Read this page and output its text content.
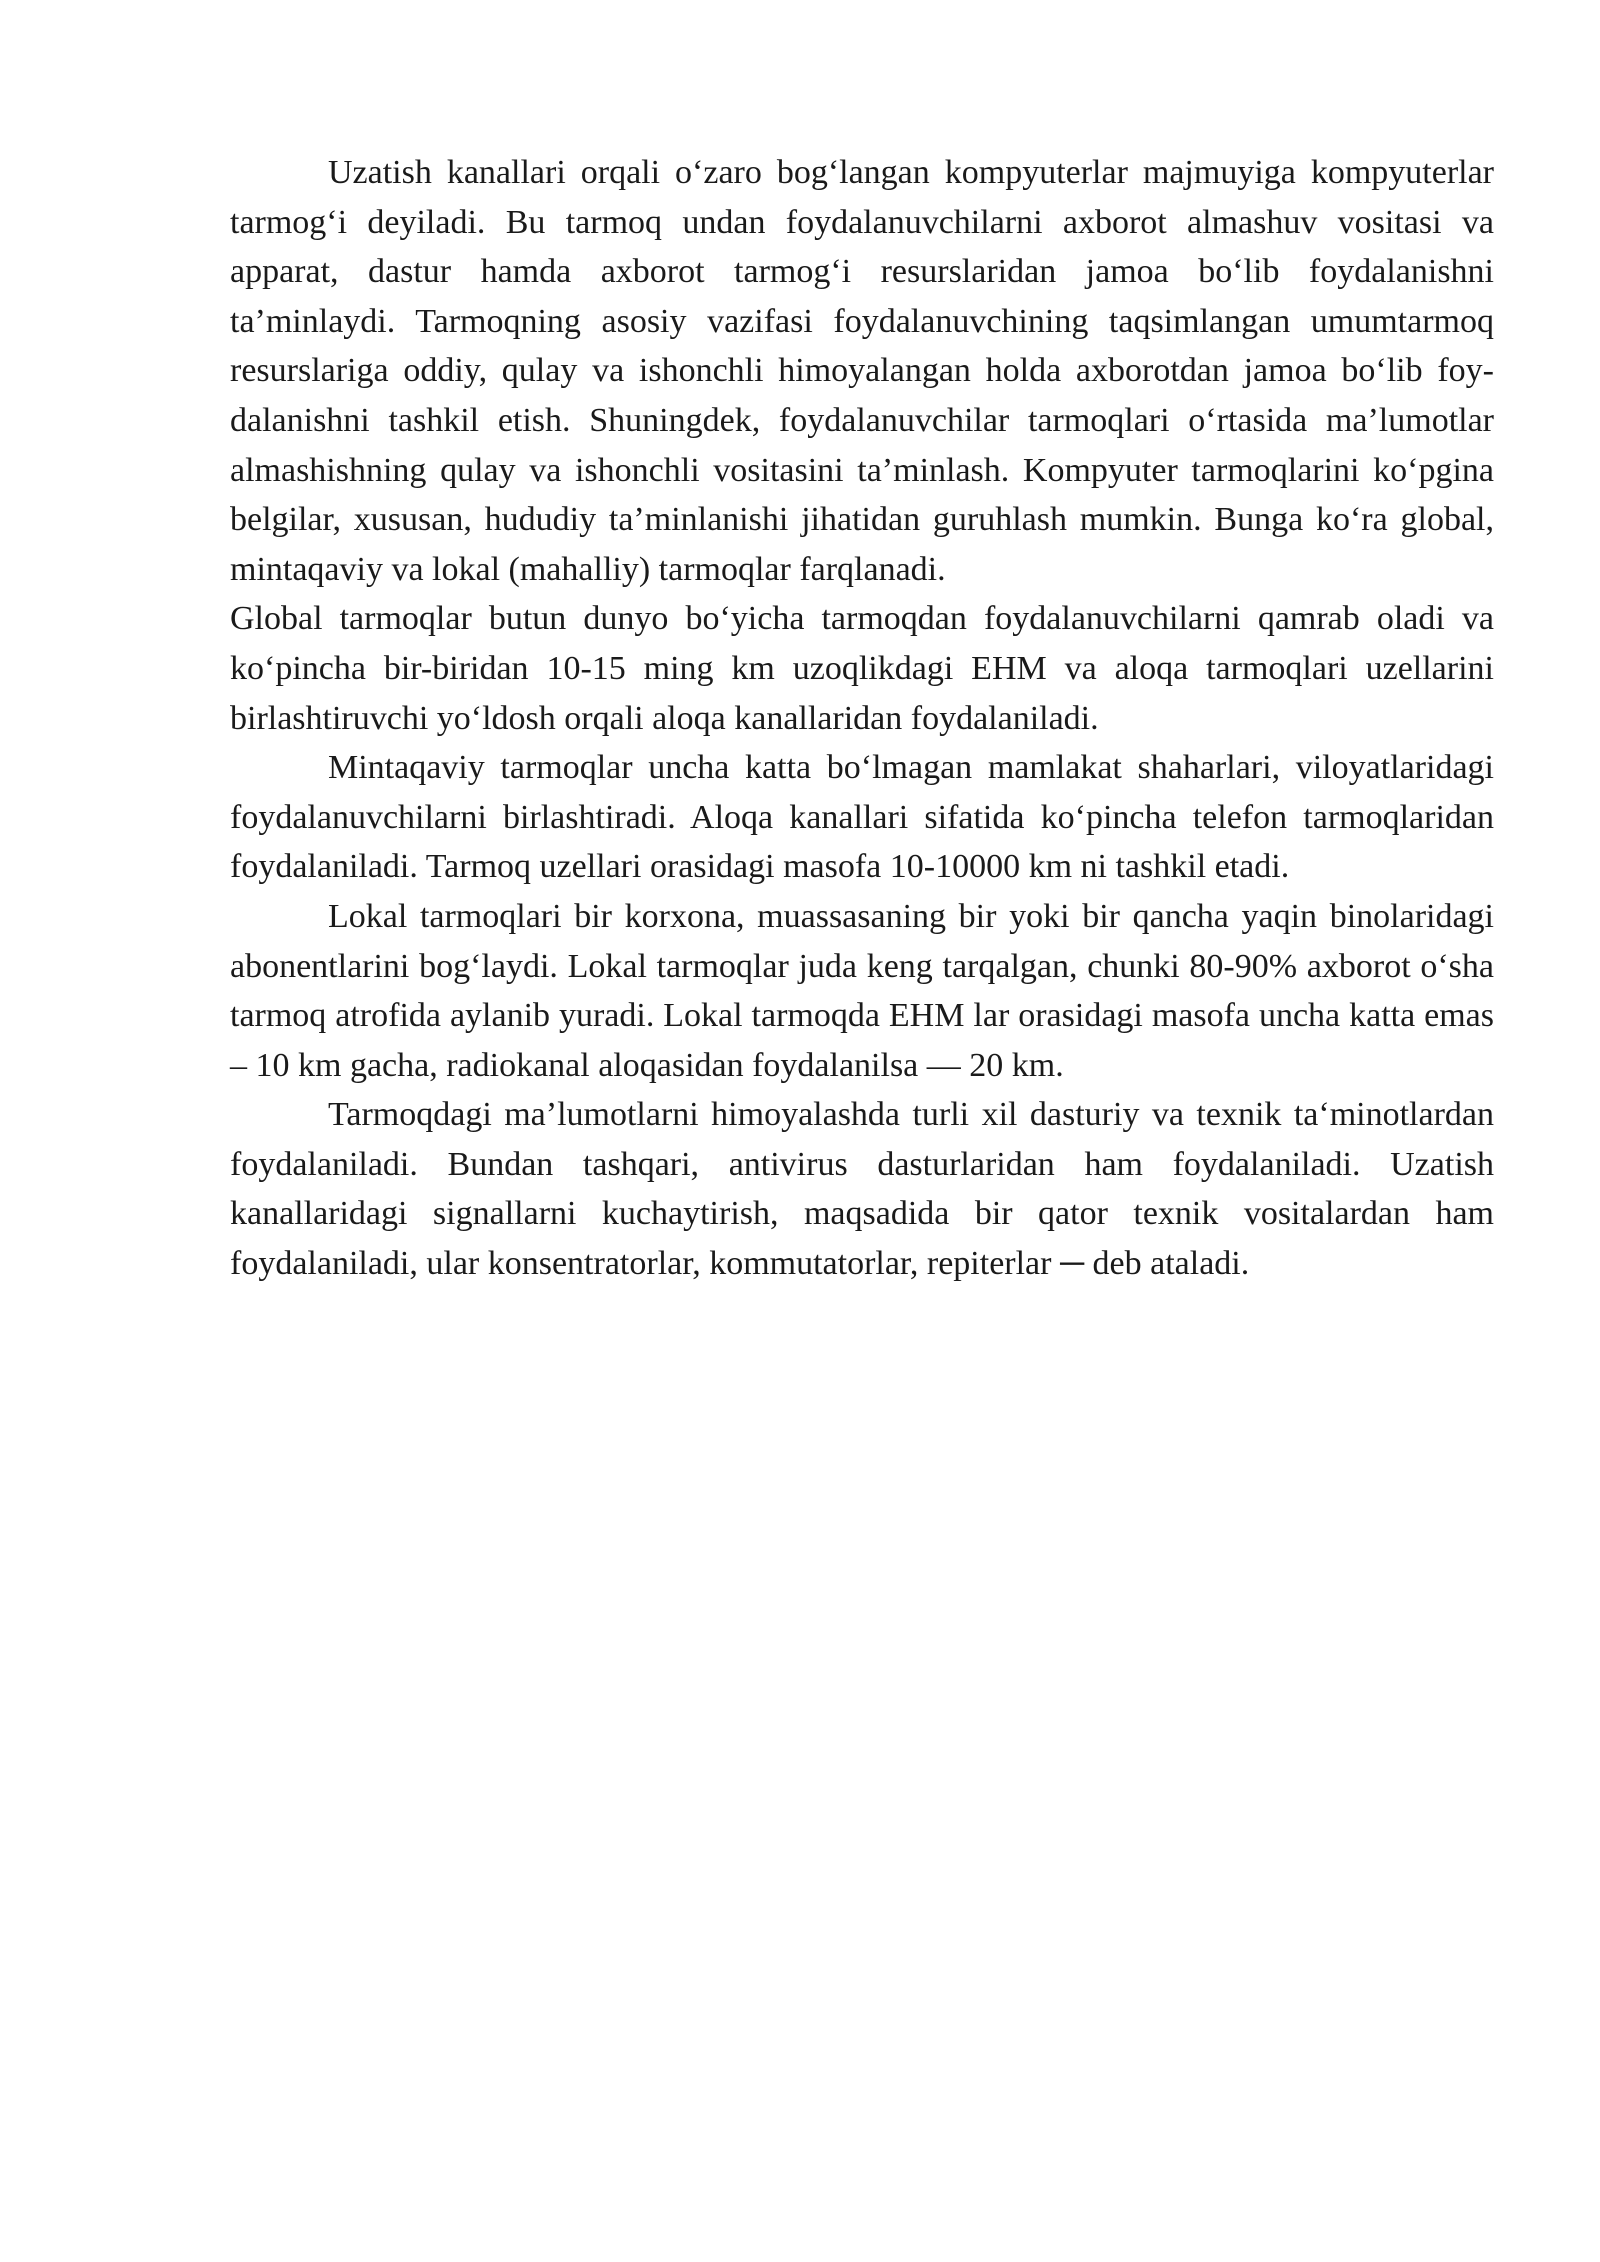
Uzatish kanallari orqali o‘zaro bog‘langan kompyuterlar majmuyiga kompyuterlar tarmog‘i deyiladi. Bu tarmoq undan foydalanuvchilarni axborot almashuv vositasi va apparat, dastur hamda axborot tarmog‘i resurslaridan jamoa bo‘lib foydalanishni ta’minlaydi. Tarmoqning asosiy vazifasi foydalanuvchining taqsimlangan umumtarmoq resurslariga oddiy, qulay va ishonchli himoyalangan holda axborotdan jamoa bo‘lib foy- dalanishni tashkil etish. Shuningdek, foydalanuvchilar tarmoqlari o‘rtasida ma’lumotlar almashishning qulay va ishonchli vositasini ta’minlash. Kompyuter tarmoqlarini ko‘pgina belgilar, xususan, hududiy ta’minlanishi jihatidan guruhlash mumkin. Bunga ko‘ra global, mintaqaviy va lokal (mahalliy) tarmoqlar farqlanadi.

Global tarmoqlar butun dunyo bo‘yicha tarmoqdan foydalanuvchilarni qamrab oladi va ko‘pincha bir-biridan 10-15 ming km uzoqlikdagi EHM va aloqa tarmoqlari uzellarini birlashtiruvchi yo‘ldosh orqali aloqa kanallaridan foydalaniladi.

Mintaqaviy tarmoqlar uncha katta bo‘lmagan mamlakat shaharlari, viloyatlaridagi foydalanuvchilarni birlashtiradi. Aloqa kanallari sifatida ko‘pincha telefon tarmoqlaridan foydalaniladi. Tarmoq uzellari orasidagi masofa 10-10000 km ni tashkil etadi.

Lokal tarmoqlari bir korxona, muassasaning bir yoki bir qancha yaqin binolaridagi abonentlarini bog‘laydi. Lokal tarmoqlar juda keng tarqalgan, chunki 80-90% axborot o‘sha tarmoq atrofida aylanib yuradi. Lokal tarmoqda EHM lar orasidagi masofa uncha katta emas – 10 km gacha, radiokanal aloqasidan foydalanilsa — 20 km.

Tarmoqdagi ma’lumotlarni himoyalashda turli xil dasturiy va texnik ta‘minotlardan foydalaniladi. Bundan tashqari, antivirus dasturlaridan ham foydalaniladi. Uzatish kanallaridagi signallarni kuchaytirish, maqsadida bir qator texnik vositalardan ham foydalaniladi, ular konsentratorlar, kommutatorlar, repiterlar ─ deb ataladi.
